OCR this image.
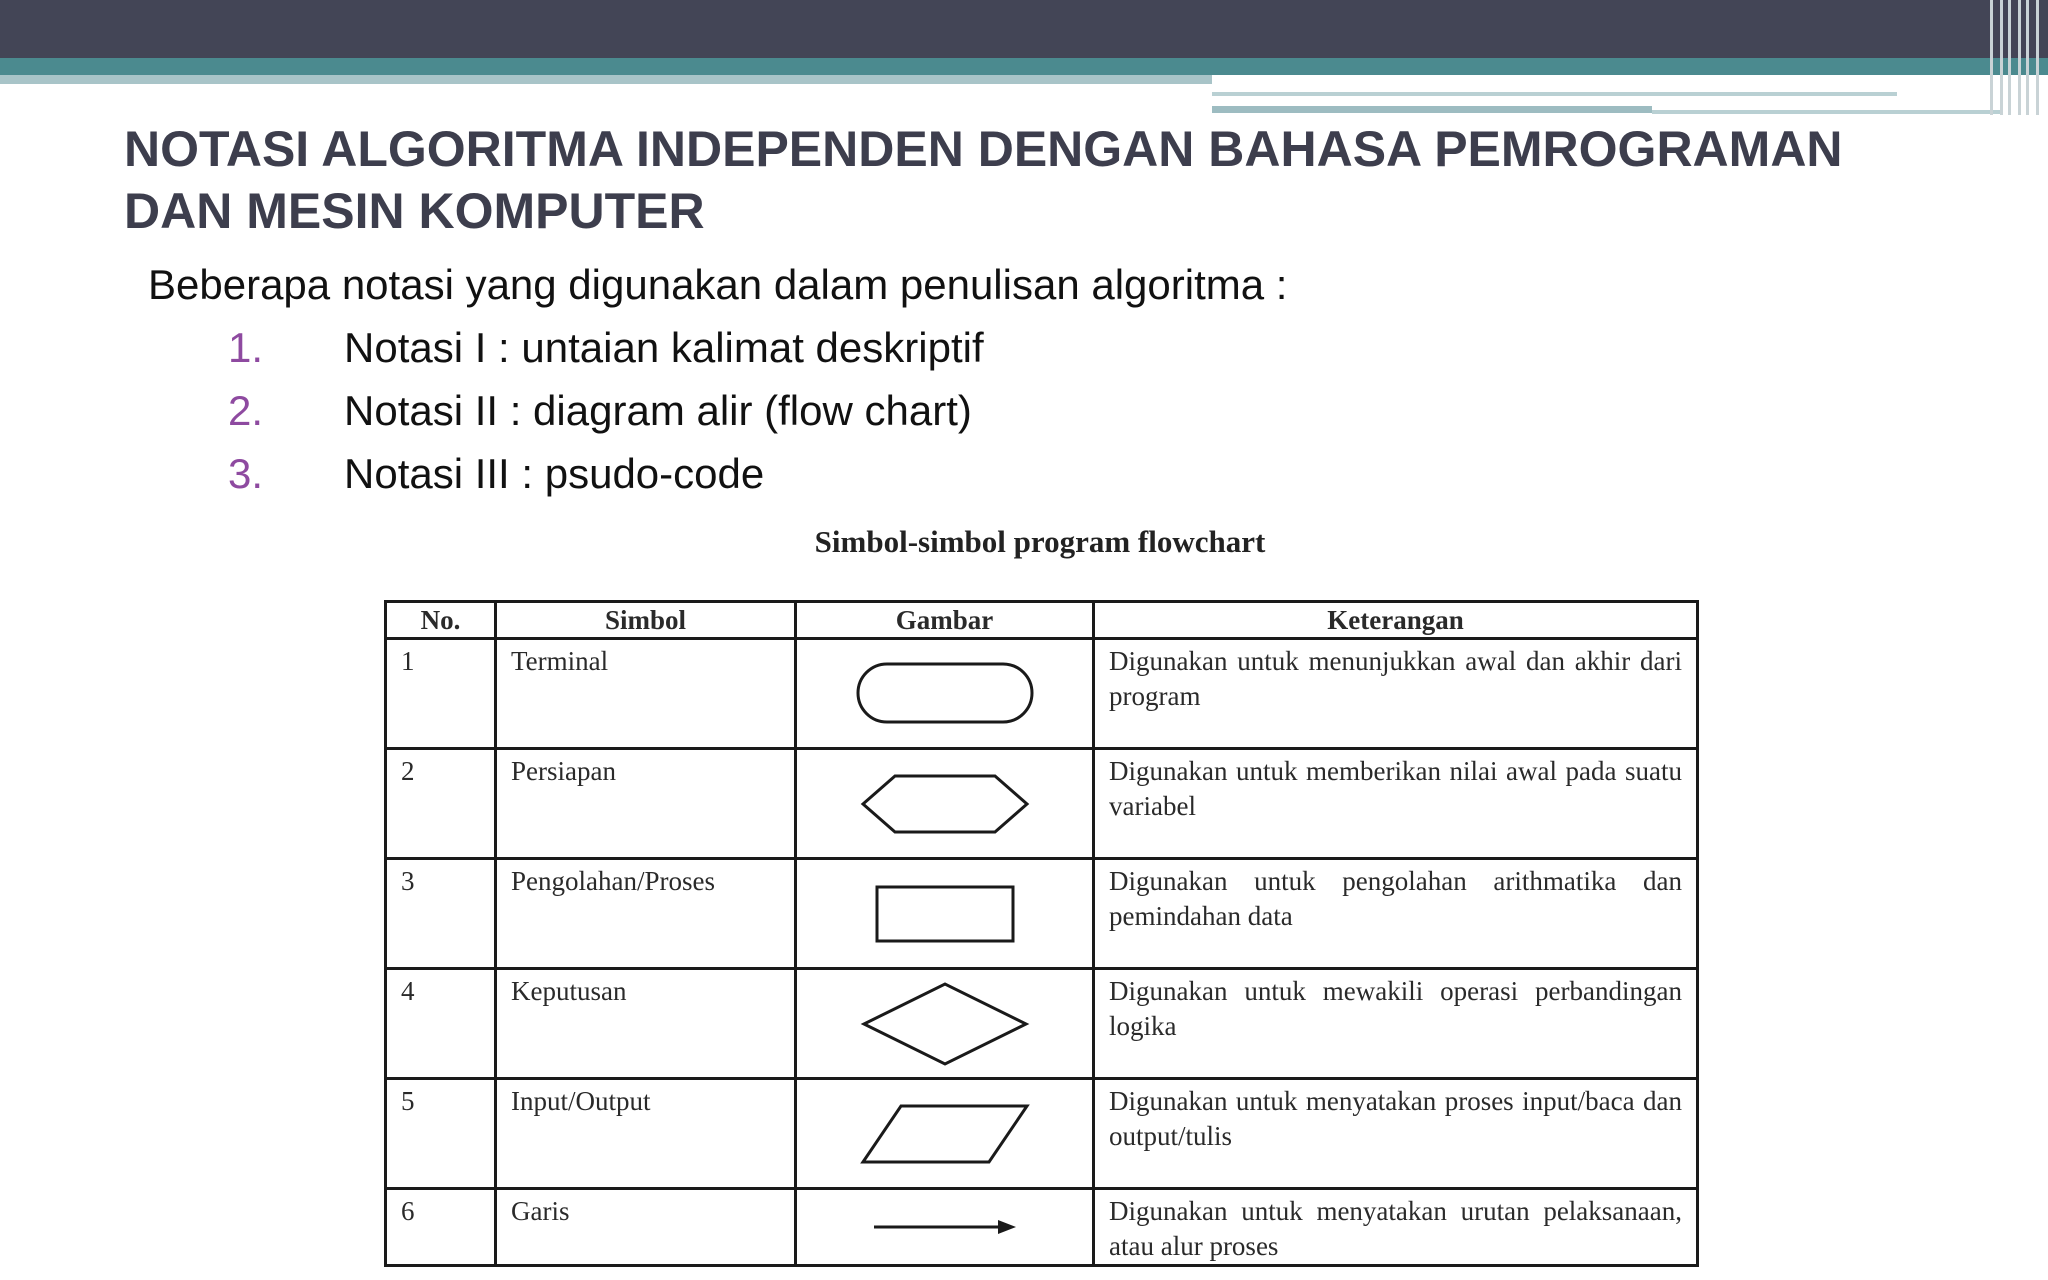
NOTASI ALGORITMA INDEPENDEN DENGAN BAHASA PEMROGRAMAN DAN MESIN KOMPUTER
Beberapa notasi yang digunakan dalam penulisan algoritma :
1. Notasi I : untaian kalimat deskriptif
2. Notasi II : diagram alir (flow chart)
3. Notasi III : psudo-code
Simbol-simbol program flowchart
No.	Simbol	Gambar	Keterangan
1	Terminal		Digunakan untuk menunjukkan awal dan akhir dari program
2	Persiapan		Digunakan untuk memberikan nilai awal pada suatu variabel
3	Pengolahan/Proses		Digunakan untuk pengolahan arithmatika dan pemindahan data
4	Keputusan		Digunakan untuk mewakili operasi perbandingan logika
5	Input/Output		Digunakan untuk menyatakan proses input/baca dan output/tulis
6	Garis		Digunakan untuk menyatakan urutan pelaksanaan, atau alur proses
